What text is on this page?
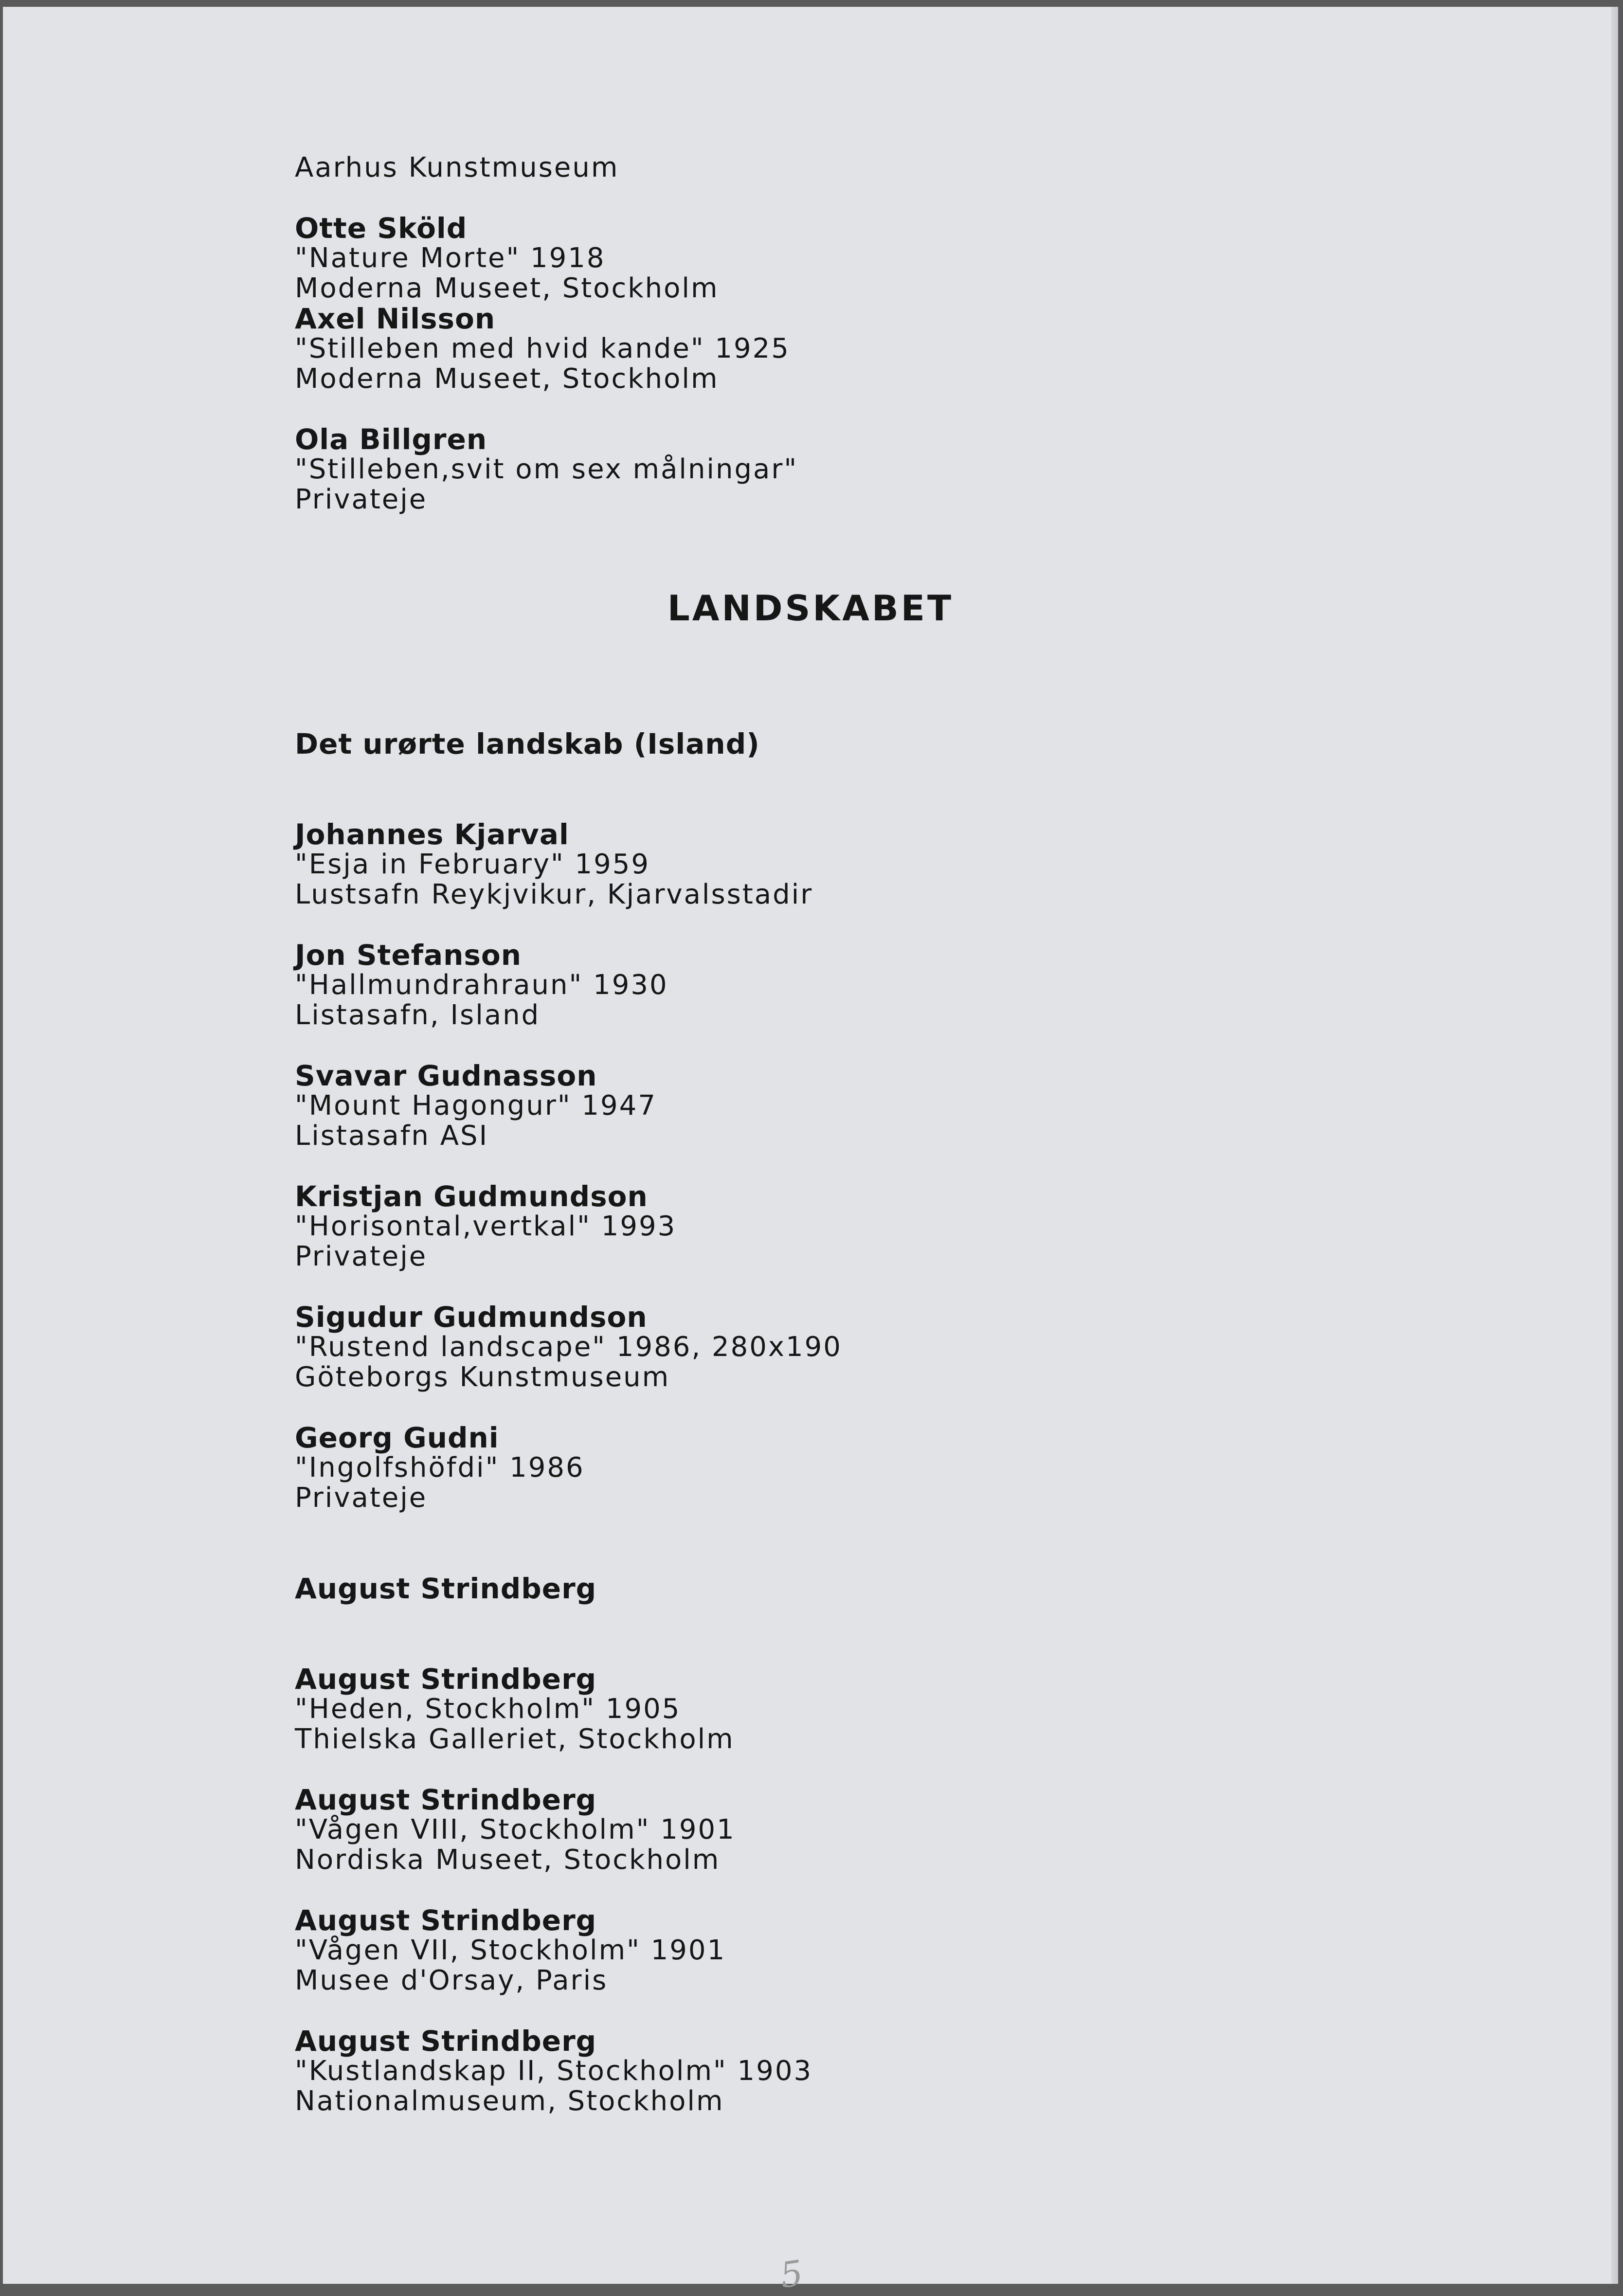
Aarhus Kunstmuseum
Otte Sköld
"Nature Morte" 1918
Moderna Museet, Stockholm
Axel Nilsson
"Stilleben med hvid kande" 1925
Moderna Museet, Stockholm
Ola Billgren
"Stilleben,svit om sex målningar"
Privateje
LANDSKABET
Det urørte landskab (Island)
Johannes Kjarval
"Esja in February" 1959
Lustsafn Reykjvikur, Kjarvalsstadir
Jon Stefanson
"Hallmundrahraun" 1930
Listasafn, Island
Svavar Gudnasson
"Mount Hagongur" 1947
Listasafn ASI
Kristjan Gudmundson
"Horisontal,vertkal" 1993
Privateje
Sigudur Gudmundson
"Rustend landscape" 1986, 280x190
Göteborgs Kunstmuseum
Georg Gudni
"Ingolfshöfdi" 1986
Privateje
August Strindberg
August Strindberg
"Heden, Stockholm" 1905
Thielska Galleriet, Stockholm
August Strindberg
"Vågen VIII, Stockholm" 1901
Nordiska Museet, Stockholm
August Strindberg
"Vågen VII, Stockholm" 1901
Musee d'Orsay, Paris
August Strindberg
"Kustlandskap II, Stockholm" 1903
Nationalmuseum, Stockholm
5
